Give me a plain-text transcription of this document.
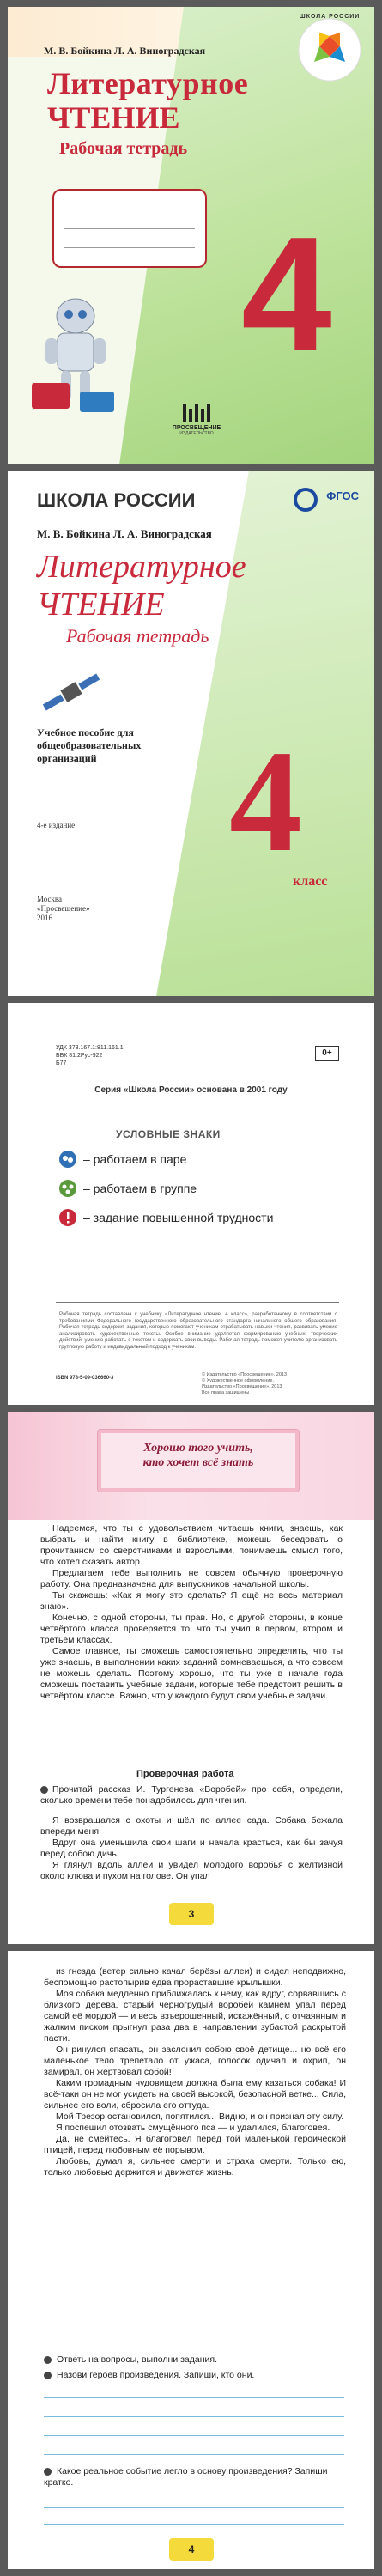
ШКОЛА РОССИИ
М. В. Бойкина Л. А. Виноградская
Литературное
ЧТЕНИЕ
Рабочая тетрадь
4
ПРОСВЕЩЕНИЕ
ИЗДАТЕЛЬСТВО
ШКОЛА РОССИИ	ФГОС
М. В. Бойкина Л. А. Виноградская
Литературное
ЧТЕНИЕ
Рабочая тетрадь
Учебное пособие для общеобразовательных организаций 4
класс
4-е издание
Москва
«Просвещение»
2016
УДК 373.167.1:811.161.1
ББК 81.2Рус-922
Б77
0+
Серия «Школа России» основана в 2001 году
УСЛОВНЫЕ ЗНАКИ
– работаем в паре
– работаем в группе
– задание повышенной трудности
Рабочая тетрадь составлена к учебнику «Литературное чтение. 4 класс», разработанному в соответствии с требованиями Федерального государственного образовательного стандарта начального общего образования. Рабочая тетрадь содержит задания, которые помогают ученикам отрабатывать навыки чтения, развивать умение анализировать художественные тексты. Особое внимание уделяется формированию учебных, творческих действий, умению работать с текстом и содержать свои выводы. Рабочая тетрадь поможет учителю организовать групповую работу и индивидуальный подход к ученикам.
ISBN 978-5-09-036660-3
© Издательство «Просвещение», 2013
© Художественное оформление.
Издательство «Просвещение», 2013
Все права защищены
Хорошо того учить,
кто хочет всё знать

Надеемся, что ты с удовольствием читаешь книги, знаешь, как выбрать и найти книгу в библиотеке, можешь беседовать о прочитанном со сверстниками и взрослыми, понимаешь смысл того, что хотел сказать автор.

Предлагаем тебе выполнить не совсем обычную проверочную работу. Она предназначена для выпускников начальной школы.

Ты скажешь: «Как я могу это сделать? Я ещё не весь материал знаю».

Конечно, с одной стороны, ты прав. Но, с другой стороны, в конце четвёртого класса проверяется то, что ты учил в первом, втором и третьем классах.

Самое главное, ты сможешь самостоятельно определить, что ты уже знаешь, в выполнении каких заданий сомневаешься, а что совсем не можешь сделать. Поэтому хорошо, что ты уже в начале года сможешь поставить учебные задачи, которые тебе предстоит решить в четвёртом классе. Важно, что у каждого будут свои учебные задачи.

Проверочная работа
Прочитай рассказ И. Тургенева «Воробей» про себя, определи, сколько времени тебе понадобилось для чтения.

Я возвращался с охоты и шёл по аллее сада. Собака бежала впереди меня.

Вдруг она уменьшила свои шаги и начала красться, как бы зачуя перед собою дичь.

Я глянул вдоль аллеи и увидел молодого воробья с желтизной около клюва и пухом на голове. Он упал

3

из гнезда (ветер сильно качал берёзы аллеи) и сидел неподвижно, беспомощно растопырив едва прораставшие крылышки.

Моя собака медленно приближалась к нему, как вдруг, сорвавшись с близкого дерева, старый черногрудый воробей камнем упал перед самой её мордой — и весь взъерошенный, искажённый, с отчаянным и жалким писком прыгнул раза два в направлении зубастой раскрытой пасти.

Он ринулся спасать, он заслонил собою своё детище... но всё его маленькое тело трепетало от ужаса, голосок одичал и охрип, он замирал, он жертвовал собой!

Каким громадным чудовищем должна была ему казаться собака! И всё-таки он не мог усидеть на своей высокой, безопасной ветке... Сила, сильнее его воли, сбросила его оттуда.

Мой Трезор остановился, попятился... Видно, и он признал эту силу.

Я поспешил отозвать смущённого пса — и удалился, благоговея.

Да, не смейтесь. Я благоговел перед той маленькой героической птицей, перед любовным её порывом.

Любовь, думал я, сильнее смерти и страха смерти. Только ею, только любовью держится и движется жизнь.

Ответь на вопросы, выполни задания.
Назови героев произведения. Запиши, кто они.
Какое реальное событие легло в основу произведения? Запиши кратко.
4
